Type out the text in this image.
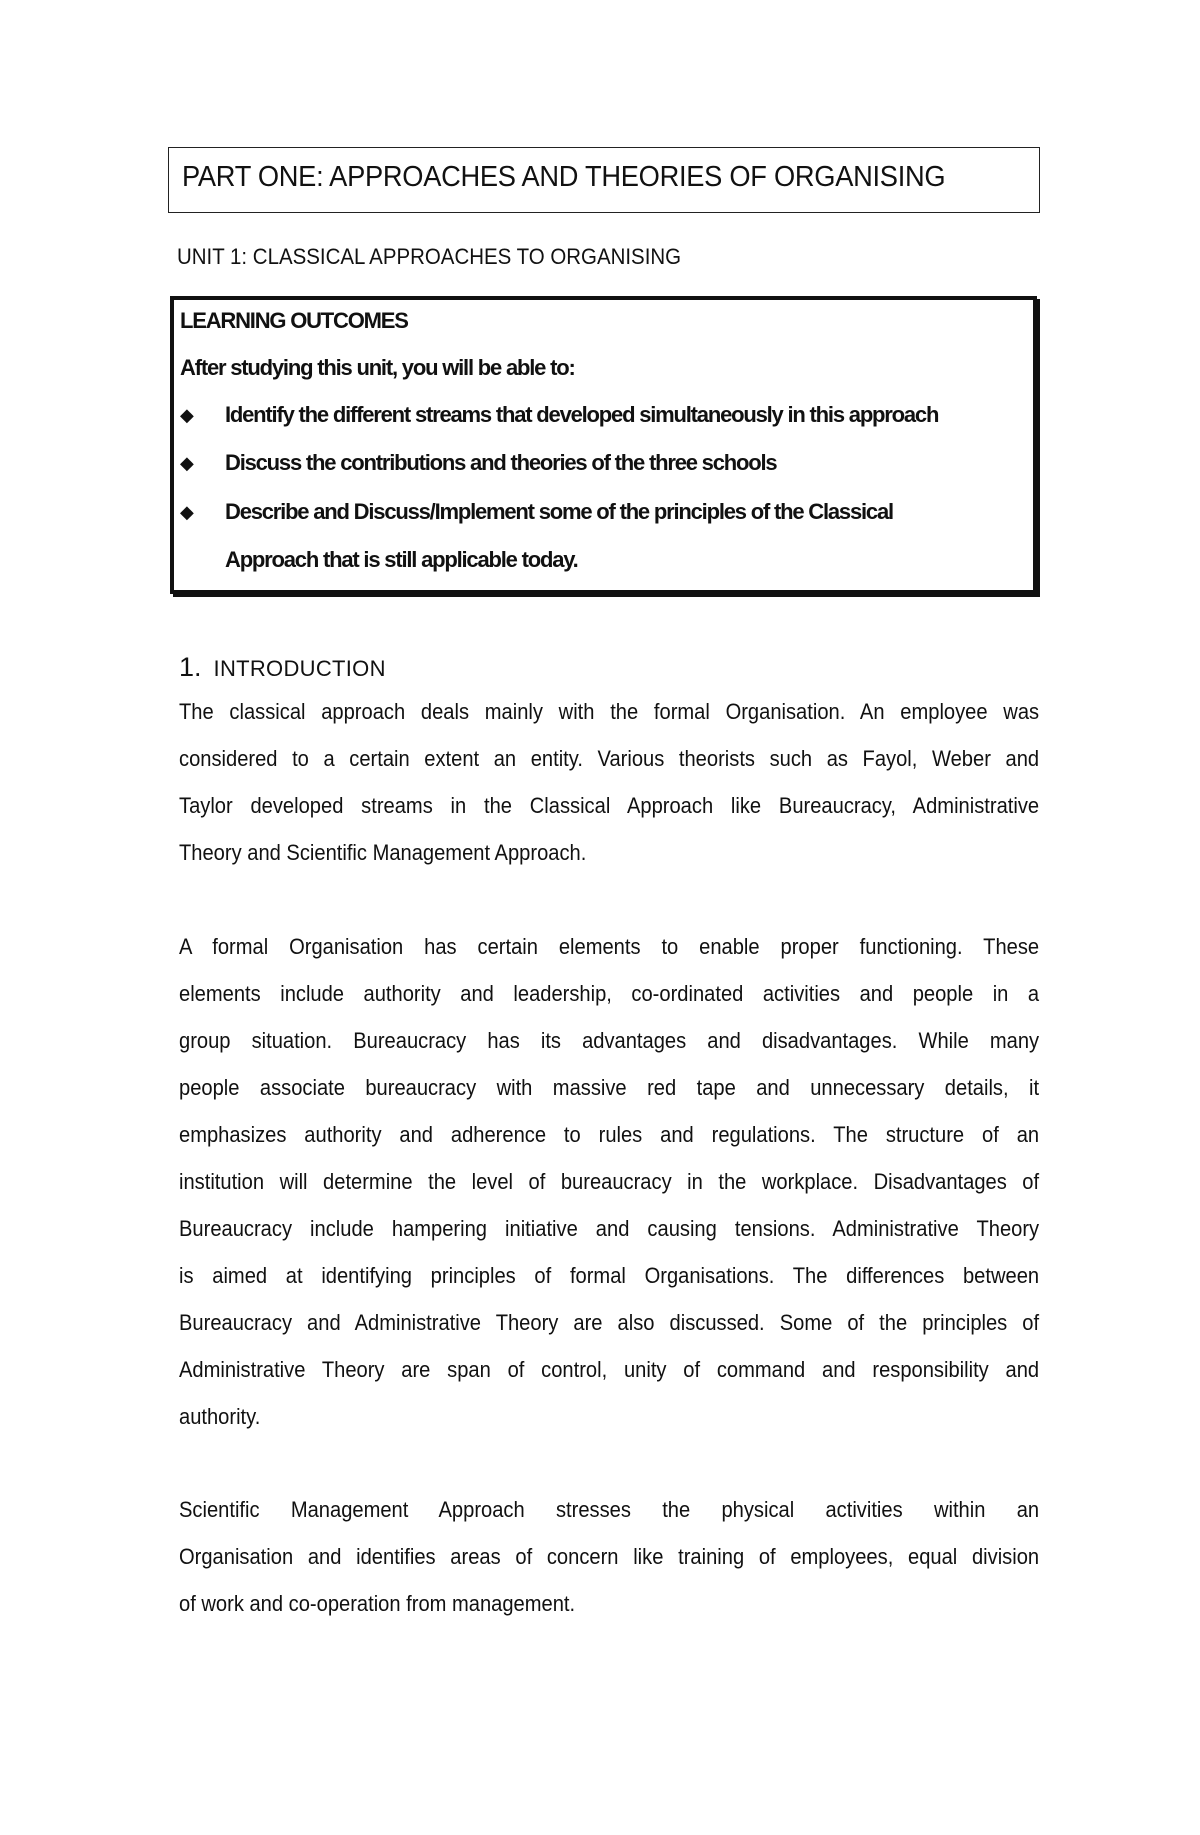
PART ONE: APPROACHES AND THEORIES OF ORGANISING
UNIT 1: CLASSICAL APPROACHES TO ORGANISING
LEARNING OUTCOMES
After studying this unit, you will be able to:
◆ Identify the different streams that developed simultaneously in this approach
◆ Discuss the contributions and theories of the three schools
◆ Describe and Discuss/Implement some of the principles of the Classical
Approach that is still applicable today.
1. INTRODUCTION
The classical approach deals mainly with the formal Organisation. An employee was
considered to a certain extent an entity. Various theorists such as Fayol, Weber and
Taylor developed streams in the Classical Approach like Bureaucracy, Administrative
Theory and Scientific Management Approach.
A formal Organisation has certain elements to enable proper functioning. These
elements include authority and leadership, co-ordinated activities and people in a
group situation. Bureaucracy has its advantages and disadvantages. While many
people associate bureaucracy with massive red tape and unnecessary details, it
emphasizes authority and adherence to rules and regulations. The structure of an
institution will determine the level of bureaucracy in the workplace. Disadvantages of
Bureaucracy include hampering initiative and causing tensions. Administrative Theory
is aimed at identifying principles of formal Organisations. The differences between
Bureaucracy and Administrative Theory are also discussed. Some of the principles of
Administrative Theory are span of control, unity of command and responsibility and
authority.
Scientific Management Approach stresses the physical activities within an
Organisation and identifies areas of concern like training of employees, equal division
of work and co-operation from management.
